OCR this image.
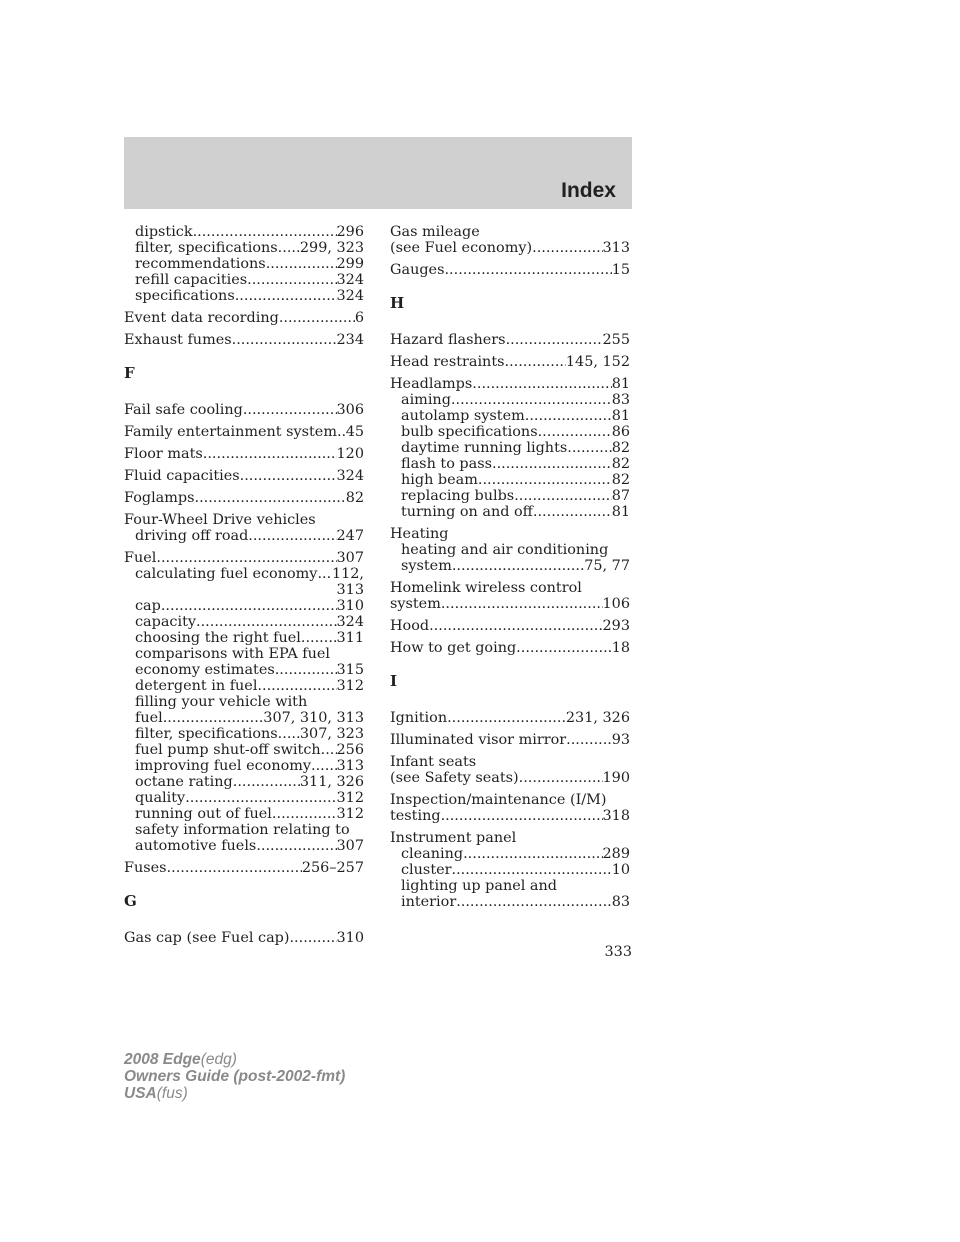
Index
dipstick .....	296
filter, specifications ..... 299, 323
recommendations .....	299
refill capacities .....	324
specifications .....	324
Event data recording .....	6
Exhaust fumes .....	234
F
Fail safe cooling .....	306
Family entertainment system ..... 45
Floor mats .....	120
Fluid capacities .....	324
Foglamps .....	82
Four-Wheel Drive vehicles
driving off road .....	247
Fuel .....	307
calculating fuel economy ..... 112,
313
cap .....	310
capacity .....	324
choosing the right fuel ..... 311
comparisons with EPA fuel
economy estimates .....	315
detergent in fuel .....	312
filling your vehicle with
fuel .....	307, 310, 313
filter, specifications ..... 307, 323
fuel pump shut-off switch ..... 256
improving fuel economy ..... 313
octane rating .....	311, 326
quality .....	312
running out of fuel .....	312
safety information relating to
automotive fuels .....	307
Fuses .....	256–257
G
Gas cap (see Fuel cap) .....	310
Gas mileage
(see Fuel economy) .....	313
Gauges .....	15
H
Hazard flashers .....	255
Head restraints .....	145, 152
Headlamps .....	81
aiming .....	83
autolamp system .....	81
bulb specifications .....	86
daytime running lights .....	82
flash to pass .....	82
high beam .....	82
replacing bulbs .....	87
turning on and off .....	81
Heating
heating and air conditioning
system .....	75, 77
Homelink wireless control
system .....	106
Hood .....	293
How to get going .....	18
I
Ignition .....	231, 326
Illuminated visor mirror .....	93
Infant seats
(see Safety seats) .....	190
Inspection/maintenance (I/M)
testing .....	318
Instrument panel
cleaning .....	289
cluster .....	10
lighting up panel and
interior .....	83
333
2008 Edge(edg)
Owners Guide (post-2002-fmt)
USA(fus)
